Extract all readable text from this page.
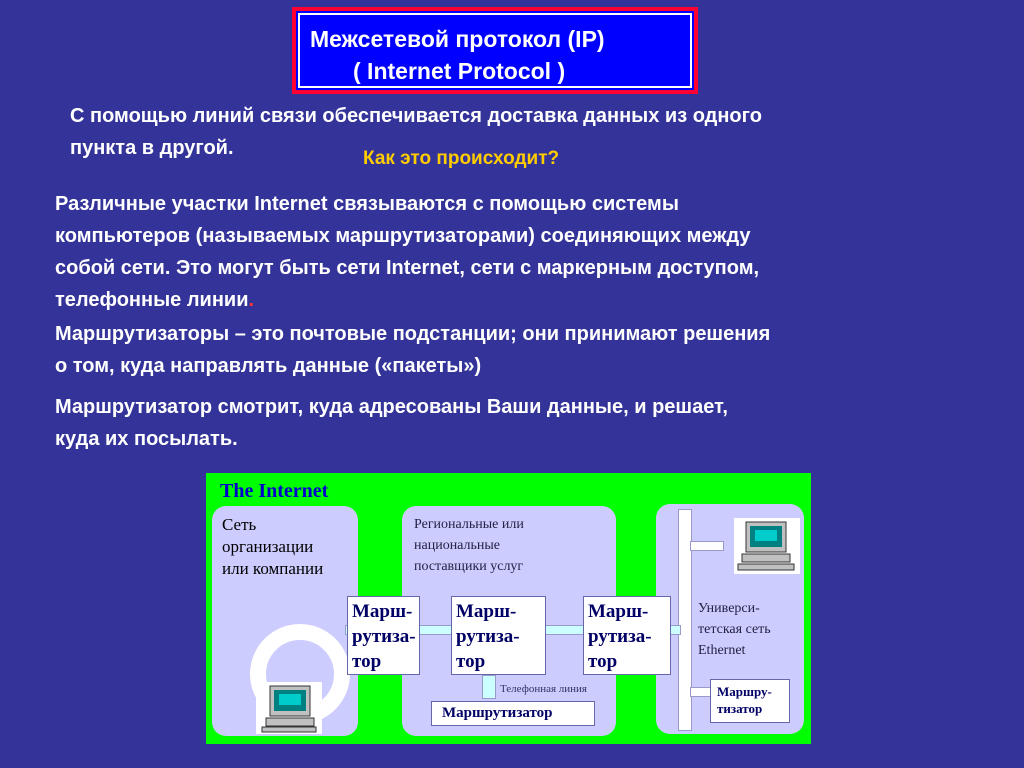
Межсетевой протокол (IP)
( Internet Protocol )
С помощью линий связи обеспечивается доставка данных из одного
пункта в другой.	Как это происходит?
Различные участки Internet связываются с помощью системы
компьютеров (называемых маршрутизаторами) соединяющих между
собой сети. Это могут быть сети Internet, сети с маркерным доступом,
телефонные линии.
Маршрутизаторы – это почтовые подстанции; они принимают решения
о том, куда направлять данные («пакеты»)
Маршрутизатор смотрит, куда адресованы Ваши данные, и решает,
куда их посылать.
The Internet
Сеть
организации
или компании
Региональные или
национальные
поставщики услуг
Универси-
тетская сеть
Ethernet
Марш-
рутиза-
тор
Марш-
рутиза-
тор
Марш-
рутиза-
тор
Телефонная линия
Маршрутизатор
Маршру-
тизатор
